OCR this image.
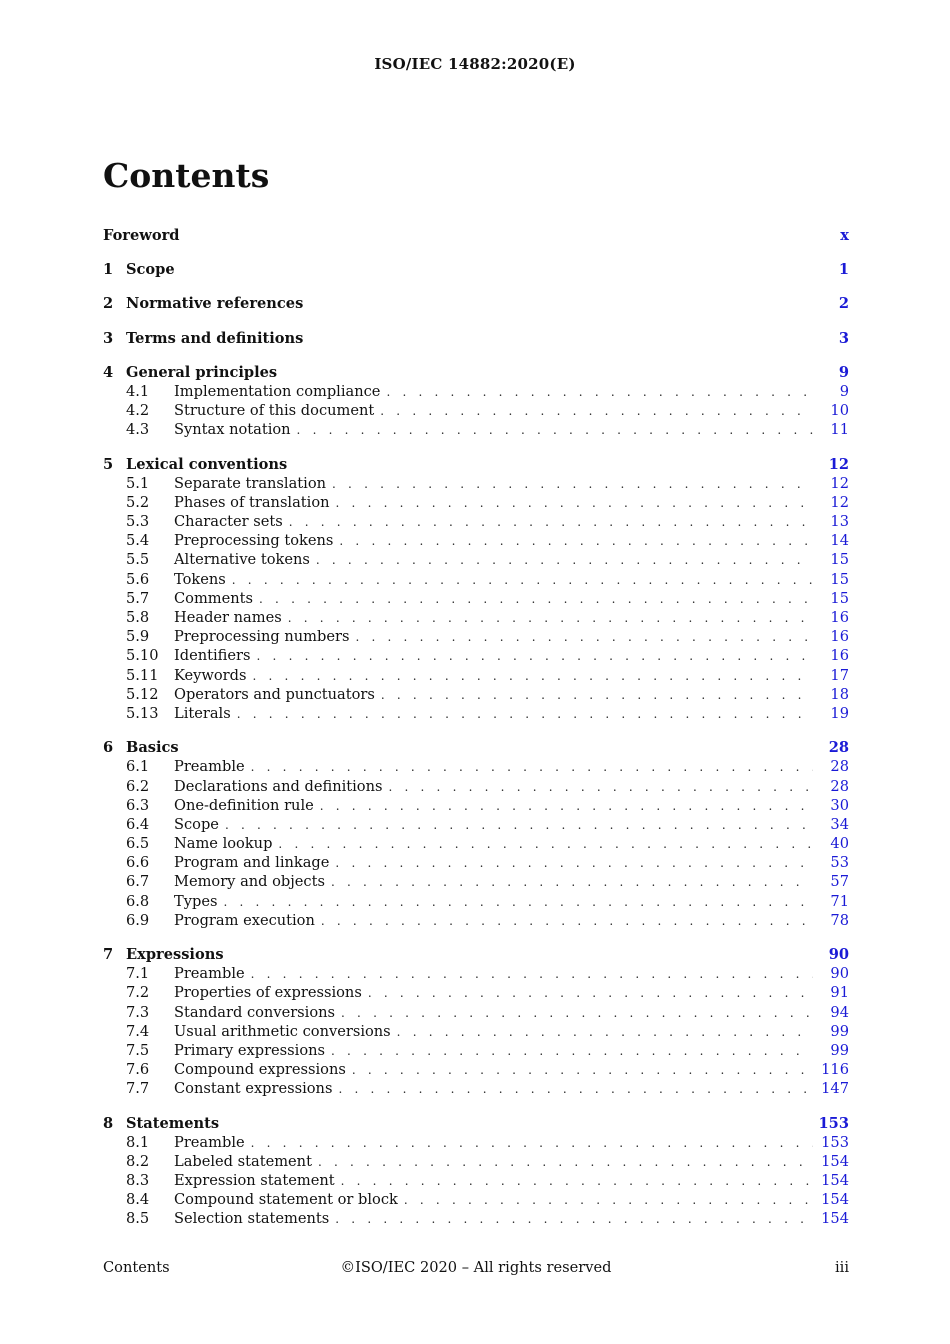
ISO/IEC 14882:2020(E)
Contents
Foreword	x
1 Scope	1
2 Normative references	2
3 Terms and definitions	3
4 General principles	9
4.1	Implementation compliance . . .	9
4.2	Structure of this document . . .	10
4.3	Syntax notation . . .	11
5 Lexical conventions	12
5.1	Separate translation . . .	12
5.2	Phases of translation . . .	12
5.3	Character sets . . .	13
5.4	Preprocessing tokens . . .	14
5.5	Alternative tokens . . .	15
5.6	Tokens . . .	15
5.7	Comments . . .	15
5.8	Header names . . .	16
5.9	Preprocessing numbers . . .	16
5.10	Identifiers . . .	16
5.11	Keywords . . .	17
5.12	Operators and punctuators . . .	18
5.13	Literals . . .	19
6 Basics	28
6.1	Preamble . . .	28
6.2	Declarations and definitions . . .	28
6.3	One-definition rule . . .	30
6.4	Scope . . .	34
6.5	Name lookup . . .	40
6.6	Program and linkage . . .	53
6.7	Memory and objects . . .	57
6.8	Types . . .	71
6.9	Program execution . . .	78
7 Expressions	90
7.1	Preamble . . .	90
7.2	Properties of expressions . . .	91
7.3	Standard conversions . . .	94
7.4	Usual arithmetic conversions . . .	99
7.5	Primary expressions . . .	99
7.6	Compound expressions . . .	116
7.7	Constant expressions . . .	147
8 Statements	153
8.1	Preamble . . .	153
8.2	Labeled statement . . .	154
8.3	Expression statement . . .	154
8.4	Compound statement or block . . .	154
8.5	Selection statements . . .	154
Contents	©ISO/IEC 2020 – All rights reserved	iii
